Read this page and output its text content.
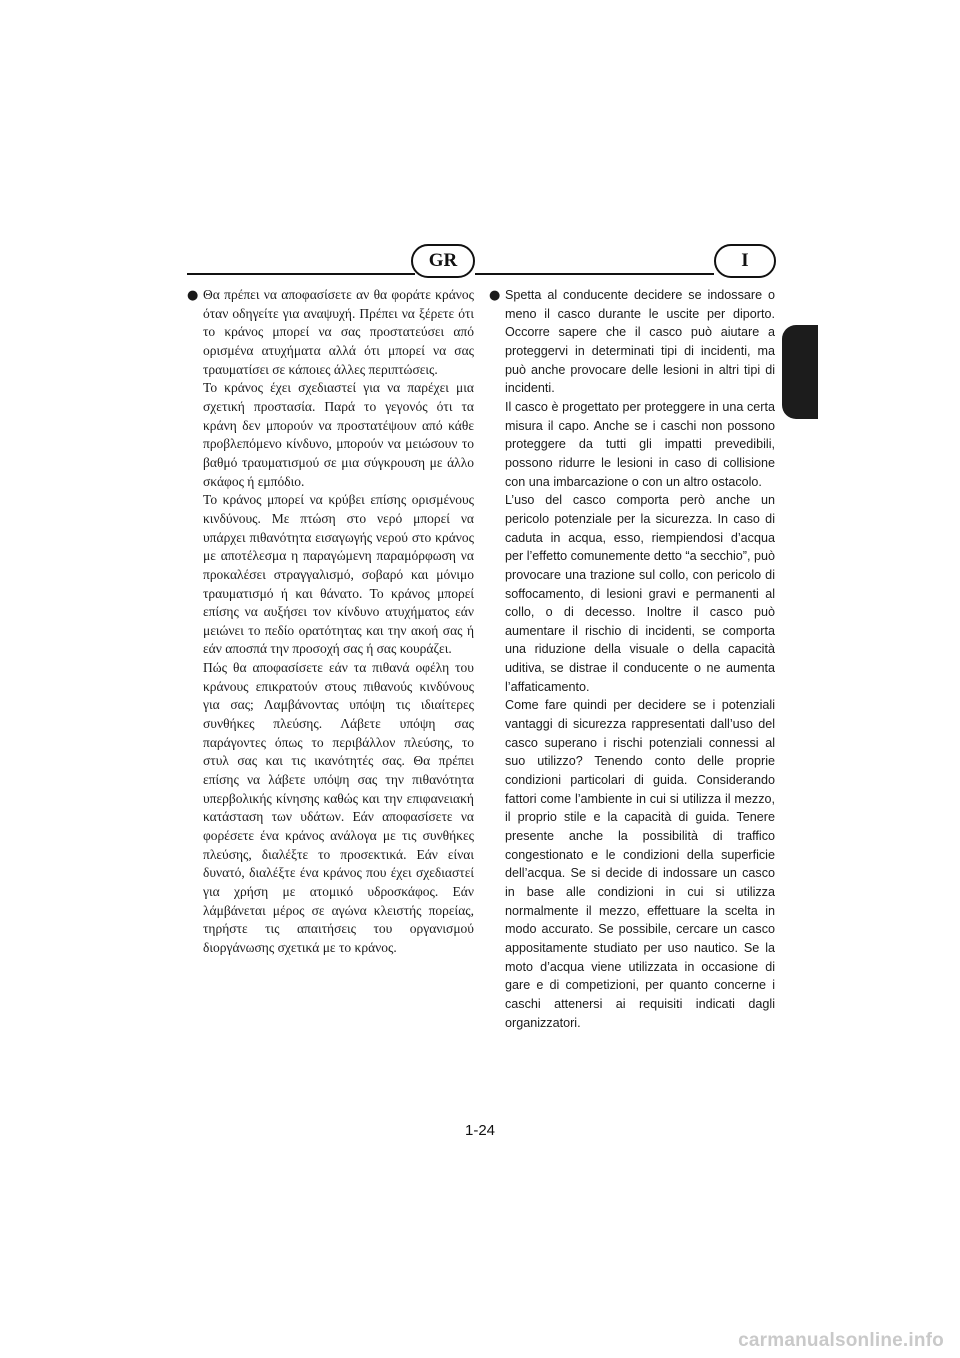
GR	I
● Θα πρέπει να αποφασίσετε αν θα φοράτε κράνος όταν οδηγείτε για αναψυχή. Πρέπει να ξέρετε ότι το κράνος μπορεί να σας προστατεύσει από ορισμένα ατυχήματα αλλά ότι μπορεί να σας τραυματίσει σε κάποιες άλλες περιπτώσεις.

Το κράνος έχει σχεδιαστεί για να παρέχει μια σχετική προστασία. Παρά το γεγονός ότι τα κράνη δεν μπορούν να προστατέψουν από κάθε προβλεπόμενο κίνδυνο, μπορούν να μειώσουν το βαθμό τραυματισμού σε μια σύγκρουση με άλλο σκάφος ή εμπόδιο.

Το κράνος μπορεί να κρύβει επίσης ορισμένους κινδύνους. Με πτώση στο νερό μπορεί να υπάρχει πιθανότητα εισαγωγής νερού στο κράνος με αποτέλεσμα η παραγώμενη παραμόρφωση να προκαλέσει στραγγαλισμό, σοβαρό και μόνιμο τραυματισμό ή και θάνατο. Το κράνος μπορεί επίσης να αυξήσει τον κίνδυνο ατυχήματος εάν μειώνει το πεδίο ορατότητας και την ακοή σας ή εάν αποσπά την προσοχή σας ή σας κουράζει.

Πώς θα αποφασίσετε εάν τα πιθανά οφέλη του κράνους επικρατούν στους πιθανούς κινδύνους για σας; Λαμβάνοντας υπόψη τις ιδιαίτερες συνθήκες πλεύσης. Λάβετε υπόψη σας παράγοντες όπως το περιβάλλον πλεύσης, το στυλ σας και τις ικανότητές σας. Θα πρέπει επίσης να λάβετε υπόψη σας την πιθανότητα υπερβολικής κίνησης καθώς και την επιφανειακή κατάσταση των υδάτων. Εάν αποφασίσετε να φορέσετε ένα κράνος ανάλογα με τις συνθήκες πλεύσης, διαλέξτε το προσεκτικά. Εάν είναι δυνατό, διαλέξτε ένα κράνος που έχει σχεδιαστεί για χρήση με ατομικό υδροσκάφος. Εάν λάμβάνεται μέρος σε αγώνα κλειστής πορείας, τηρήστε τις απαιτήσεις του οργανισμού διοργάνωσης σχετικά με το κράνος.

● Spetta al conducente decidere se indossare o meno il casco durante le uscite per diporto. Occorre sapere che il casco può aiutare a proteggervi in determinati tipi di incidenti, ma può anche provocare delle lesioni in altri tipi di incidenti.

Il casco è progettato per proteggere in una certa misura il capo. Anche se i caschi non possono proteggere da tutti gli impatti prevedibili, possono ridurre le lesioni in caso di collisione con una imbarcazione o con un altro ostacolo.

L’uso del casco comporta però anche un pericolo potenziale per la sicurezza. In caso di caduta in acqua, esso, riempiendosi d’acqua per l’effetto comunemente detto “a secchio”, può provocare una trazione sul collo, con pericolo di soffocamento, di lesioni gravi e permanenti al collo, o di decesso. Inoltre il casco può aumentare il rischio di incidenti, se comporta una riduzione della visuale o della capacità uditiva, se distrae il conducente o ne aumenta l’affaticamento.

Come fare quindi per decidere se i potenziali vantaggi di sicurezza rappresentati dall’uso del casco superano i rischi potenziali connessi al suo utilizzo? Tenendo conto delle proprie condizioni particolari di guida. Considerando fattori come l’ambiente in cui si utilizza il mezzo, il proprio stile e la capacità di guida. Tenere presente anche la possibilità di traffico congestionato e le condizioni della superficie dell’acqua. Se si decide di indossare un casco in base alle condizioni in cui si utilizza normalmente il mezzo, effettuare la scelta in modo accurato. Se possibile, cercare un casco appositamente studiato per uso nautico. Se la moto d’acqua viene utilizzata in occasione di gare e di competizioni, per quanto concerne i caschi attenersi ai requisiti indicati dagli organizzatori.

1-24
carmanualsonline.info
